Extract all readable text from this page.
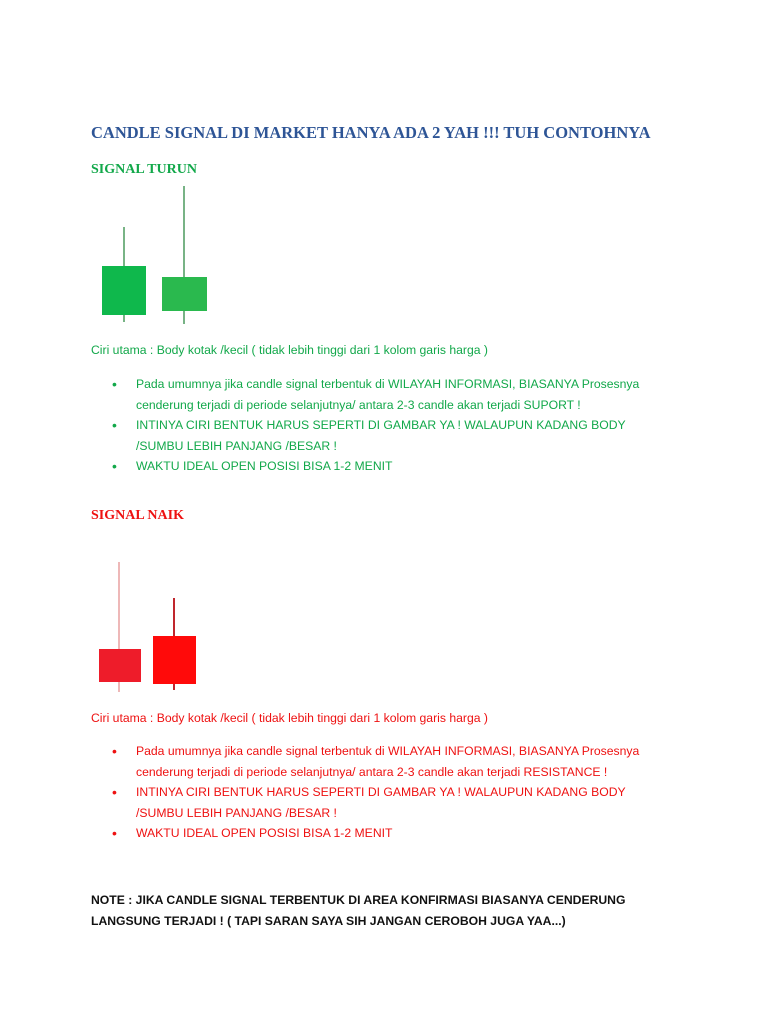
CANDLE SIGNAL DI MARKET HANYA ADA 2 YAH !!! TUH CONTOHNYA
SIGNAL TURUN
Ciri utama : Body kotak /kecil ( tidak lebih tinggi dari 1 kolom garis harga )
• Pada umumnya jika candle signal terbentuk di WILAYAH INFORMASI, BIASANYA Prosesnya cenderung terjadi di periode selanjutnya/ antara 2-3 candle akan terjadi SUPORT !
• INTINYA CIRI BENTUK HARUS SEPERTI DI GAMBAR YA ! WALAUPUN KADANG BODY /SUMBU LEBIH PANJANG /BESAR !
• WAKTU IDEAL OPEN POSISI BISA 1-2 MENIT
SIGNAL NAIK
Ciri utama : Body kotak /kecil ( tidak lebih tinggi dari 1 kolom garis harga )
• Pada umumnya jika candle signal terbentuk di WILAYAH INFORMASI, BIASANYA Prosesnya cenderung terjadi di periode selanjutnya/ antara 2-3 candle akan terjadi RESISTANCE !
• INTINYA CIRI BENTUK HARUS SEPERTI DI GAMBAR YA ! WALAUPUN KADANG BODY /SUMBU LEBIH PANJANG /BESAR !
• WAKTU IDEAL OPEN POSISI BISA 1-2 MENIT
NOTE : JIKA CANDLE SIGNAL TERBENTUK DI AREA KONFIRMASI BIASANYA CENDERUNG LANGSUNG TERJADI ! ( TAPI SARAN SAYA SIH JANGAN CEROBOH JUGA YAA...)
